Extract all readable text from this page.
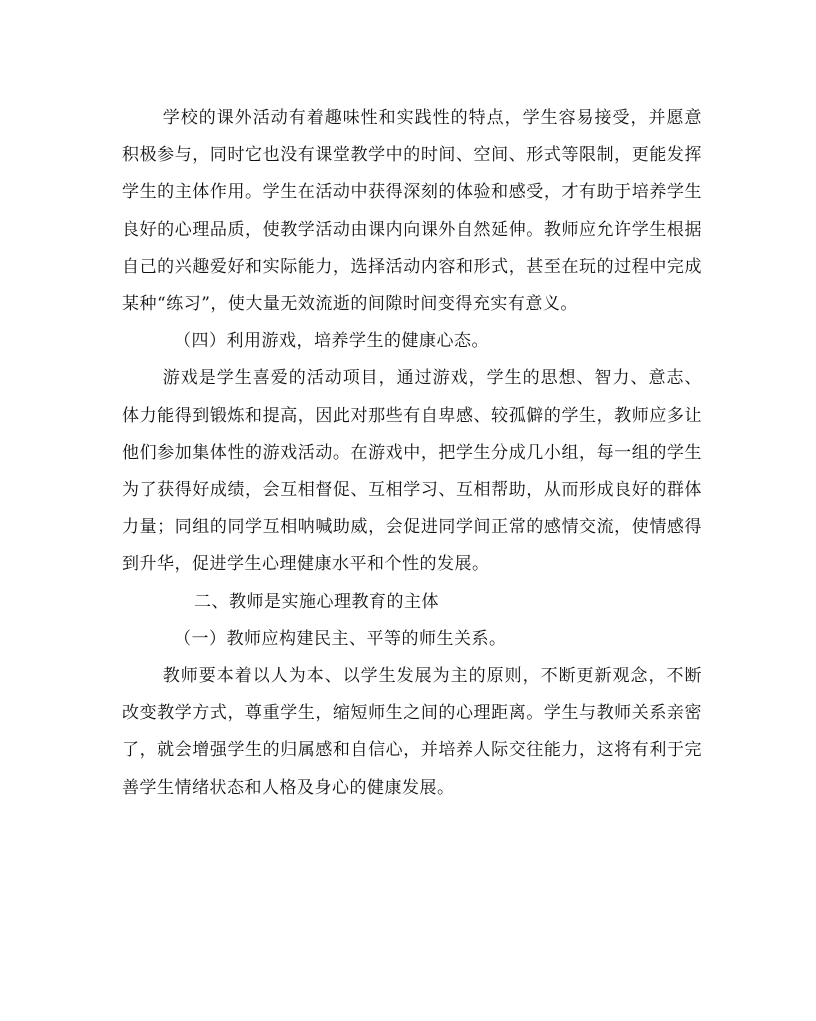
学校的课外活动有着趣味性和实践性的特点，学生容易接受，并愿意积极参与，同时它也没有课堂教学中的时间、空间、形式等限制，更能发挥学生的主体作用。学生在活动中获得深刻的体验和感受，才有助于培养学生良好的心理品质，使教学活动由课内向课外自然延伸。教师应允许学生根据自己的兴趣爱好和实际能力，选择活动内容和形式，甚至在玩的过程中完成某种“练习”，使大量无效流逝的间隙时间变得充实有意义。

（四）利用游戏，培养学生的健康心态。

游戏是学生喜爱的活动项目，通过游戏，学生的思想、智力、意志、体力能得到锻炼和提高，因此对那些有自卑感、较孤僻的学生，教师应多让他们参加集体性的游戏活动。在游戏中，把学生分成几小组，每一组的学生为了获得好成绩，会互相督促、互相学习、互相帮助，从而形成良好的群体力量；同组的同学互相呐喊助威，会促进同学间正常的感情交流，使情感得到升华，促进学生心理健康水平和个性的发展。

二、教师是实施心理教育的主体

（一）教师应构建民主、平等的师生关系。

教师要本着以人为本、以学生发展为主的原则，不断更新观念，不断改变教学方式，尊重学生，缩短师生之间的心理距离。学生与教师关系亲密了，就会增强学生的归属感和自信心，并培养人际交往能力，这将有利于完善学生情绪状态和人格及身心的健康发展。
